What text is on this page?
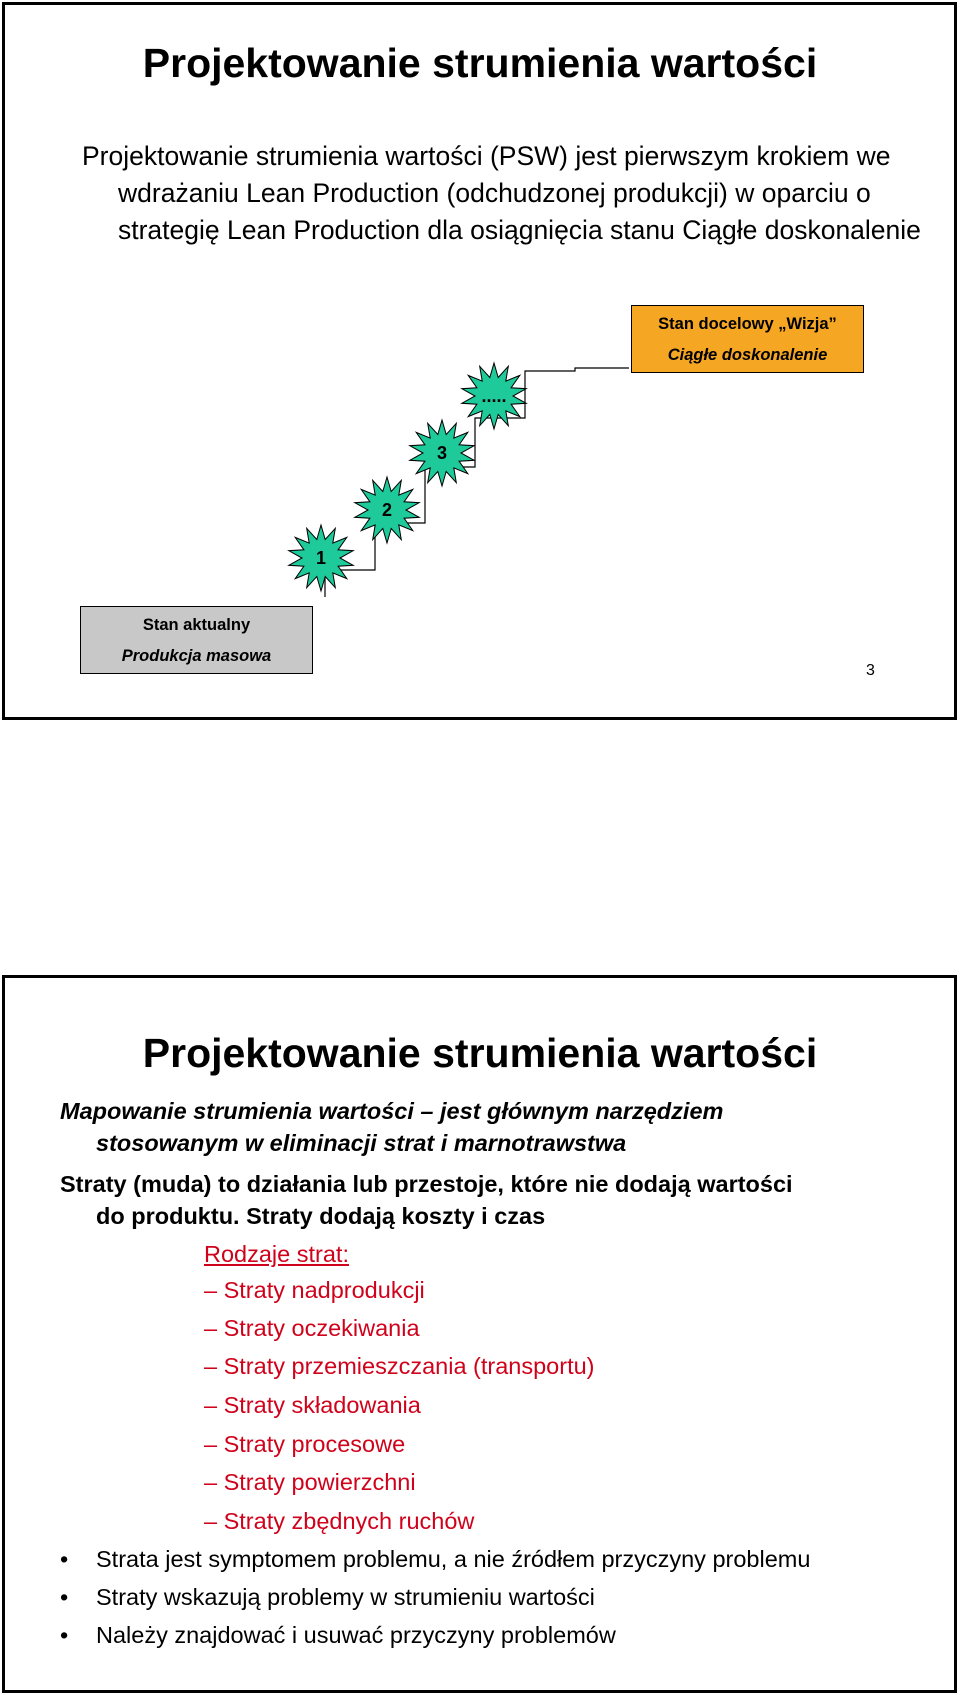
Projektowanie strumienia wartości

Projektowanie strumienia wartości (PSW) jest pierwszym krokiem we wdrażaniu Lean Production (odchudzonej produkcji) w oparciu o strategię Lean Production dla osiągnięcia stanu Ciągłe doskonalenie

1
2
3
.....
Stan docelowy „Wizja”
Ciągłe doskonalenie
Stan aktualny
Produkcja masowa
3
Projektowanie strumienia wartości
Mapowanie strumienia wartości – jest głównym narzędziem
stosowanym w eliminacji strat i marnotrawstwa
Straty (muda) to działania lub przestoje, które nie dodają wartości
do produktu. Straty dodają koszty i czas
Rodzaje strat:
– Straty nadprodukcji
– Straty oczekiwania
– Straty przemieszczania (transportu)
– Straty składowania
– Straty procesowe
– Straty powierzchni
– Straty zbędnych ruchów
• Strata jest symptomem problemu, a nie źródłem przyczyny problemu
• Straty wskazują problemy w strumieniu wartości
• Należy znajdować i usuwać przyczyny problemów
